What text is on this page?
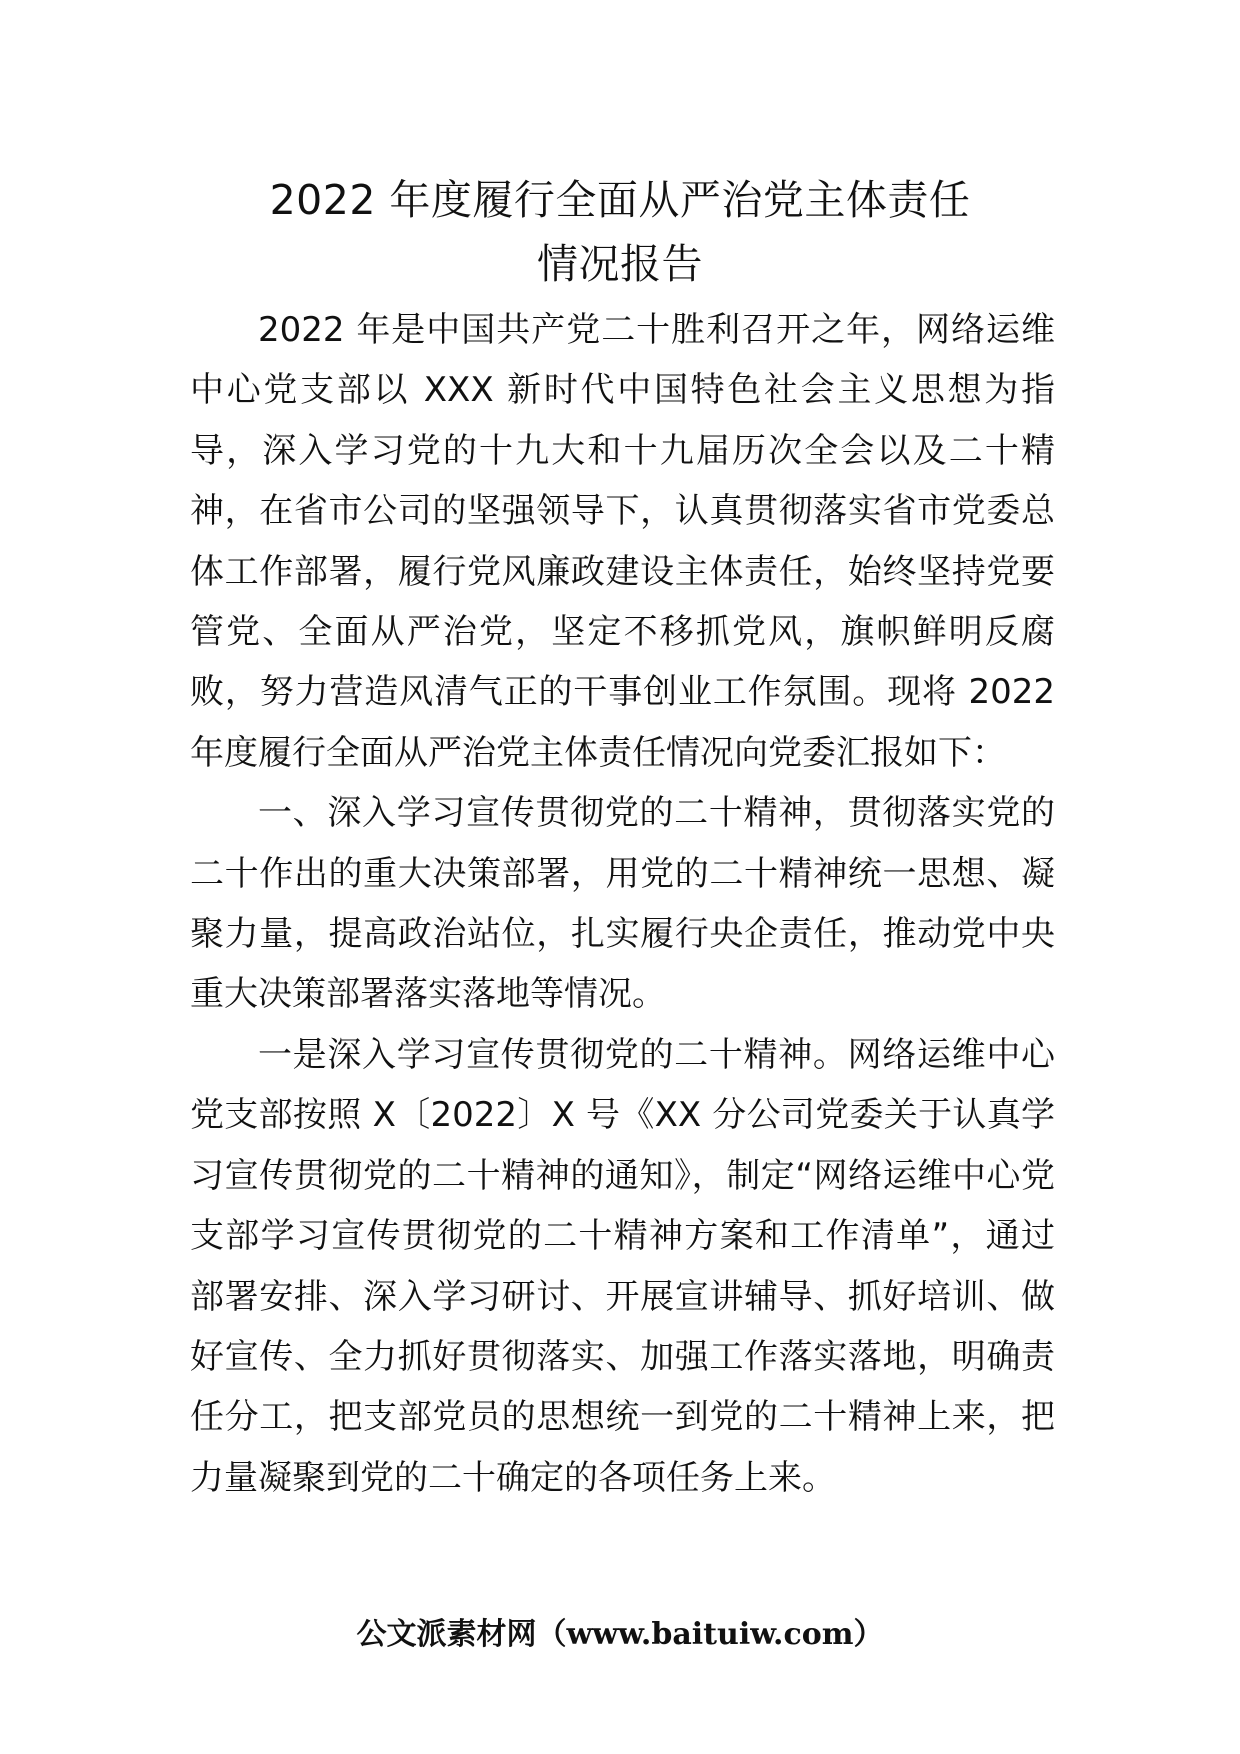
2022 年度履行全面从严治党主体责任
情况报告

2022 年是中国共产党二十胜利召开之年，网络运维中心党支部以 XXX 新时代中国特色社会主义思想为指导，深入学习党的十九大和十九届历次全会以及二十精神，在省市公司的坚强领导下，认真贯彻落实省市党委总体工作部署，履行党风廉政建设主体责任，始终坚持党要管党、全面从严治党，坚定不移抓党风，旗帜鲜明反腐败，努力营造风清气正的干事创业工作氛围。现将 2022 年度履行全面从严治党主体责任情况向党委汇报如下：

一、深入学习宣传贯彻党的二十精神，贯彻落实党的二十作出的重大决策部署，用党的二十精神统一思想、凝聚力量，提高政治站位，扎实履行央企责任，推动党中央重大决策部署落实落地等情况。

一是深入学习宣传贯彻党的二十精神。网络运维中心党支部按照 X〔2022〕X 号《XX 分公司党委关于认真学习宣传贯彻党的二十精神的通知》，制定“网络运维中心党支部学习宣传贯彻党的二十精神方案和工作清单”，通过部署安排、深入学习研讨、开展宣讲辅导、抓好培训、做好宣传、全力抓好贯彻落实、加强工作落实落地，明确责任分工，把支部党员的思想统一到党的二十精神上来，把力量凝聚到党的二十确定的各项任务上来。

公文派素材网（www.baituiw.com）
